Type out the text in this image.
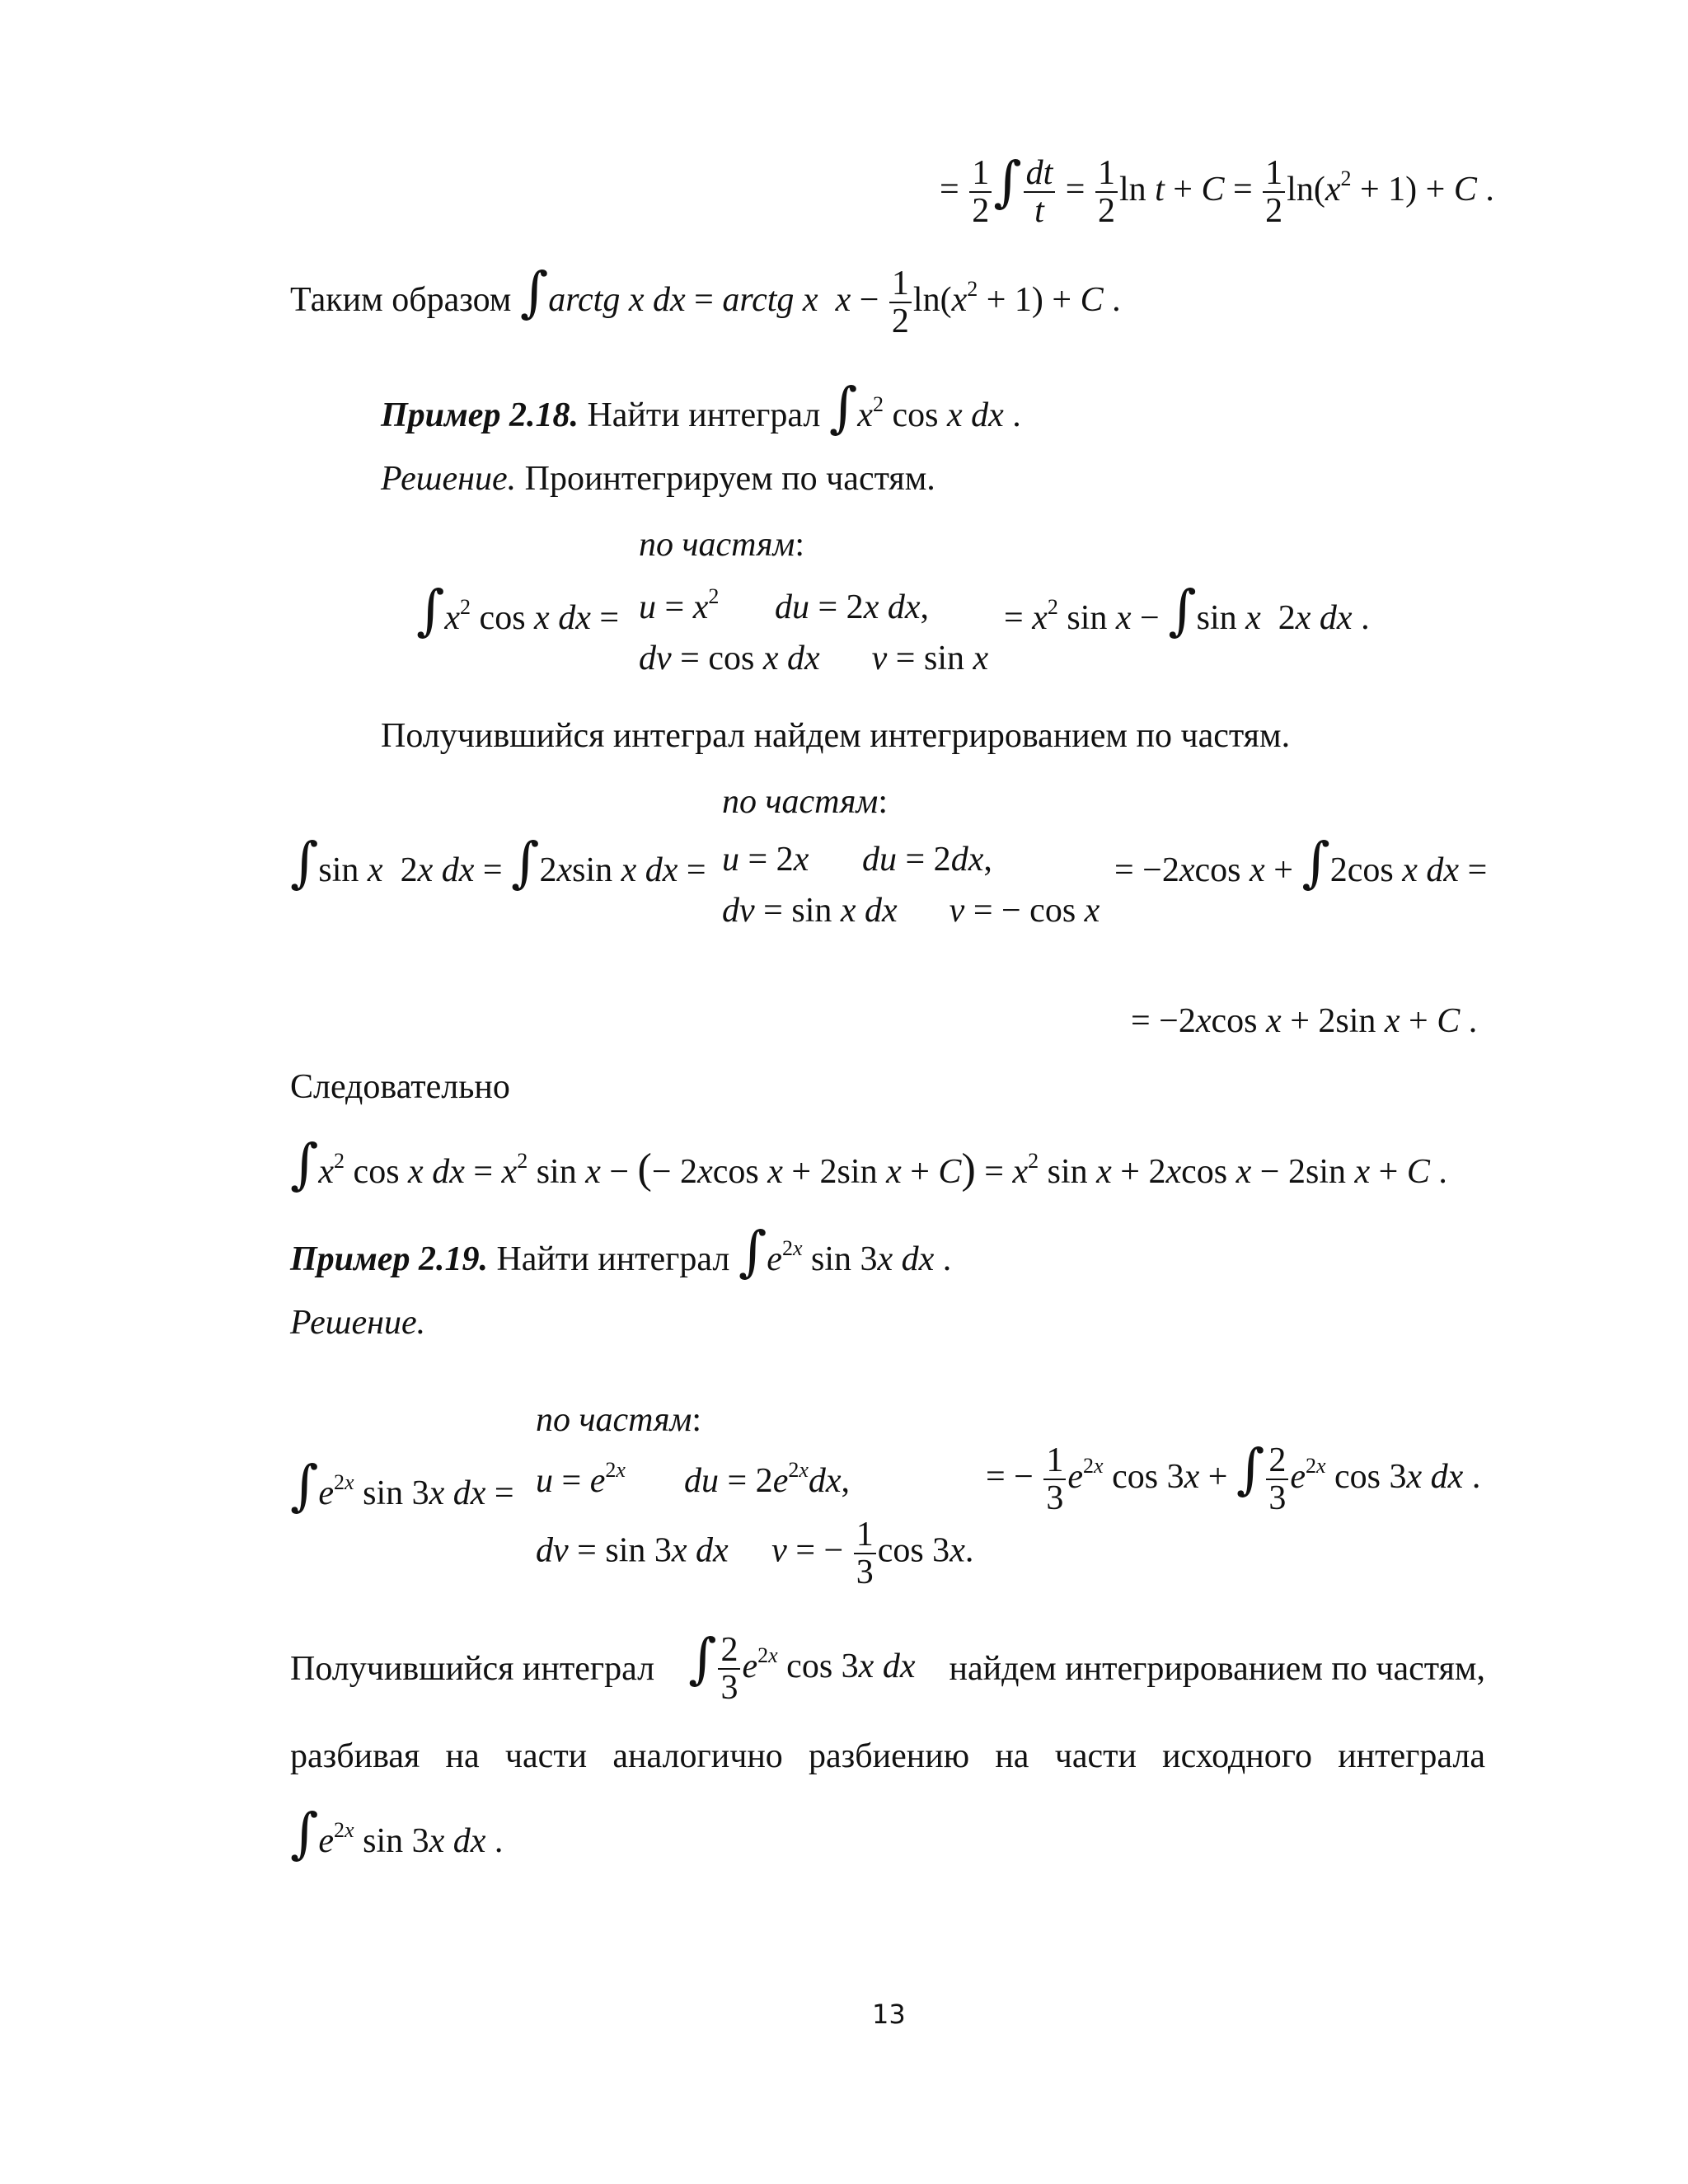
= $\frac{1}{2}$ ∫ $\frac{dt}{t} = \frac{1}{2}$ $\ln t + C = \frac{1}{2} \ln(x^2 + 1) + C$ .
Таким образом ∫arctg x dx = arctg x $x - \frac{1}{2} \ln(x^2 + 1) + C$ .
Пример 2.18. Найти интеграл $\int x^2$ cos x dx .
Решение. Проинтегрируем по частям.
по частям:
$\int x^2$ cos x dx = $u = x^2$ du = 2x dx, = $x^2$ sin x − ∫sin x  2x dx .
dv = cos x dx v = sin x
Получившийся интеграл найдем интегрированием по частям.
по частям:
∫sin x  2x dx = ∫2xsin x dx = u = 2x du = 2dx,	= −2xcos x + ∫2cos x dx =
dv = sin x dx v = − cos x
= −2xcos x + 2sin x + C .
Следовательно
$\int x^2$ cos x dx = $x^2$ sin x − (− 2xcos x + 2sin $x + C) = x^2$ sin x + 2xcos x − 2sin x + C .
Пример 2.19. Найти интеграл $\int e^{2x}$ sin 3x dx .
Решение.
по частям:
$\int e^{2x}$ sin 3x dx = $u = e^{2x}$ du = $2e^{2x}dx$,	= − $\frac{1}{3} e^{2x}$ cos 3x + ∫ $\frac{2}{3} e^{2x}$ cos 3x dx .
dv = sin 3x dx v = − $\frac{1}{3}$ cos 3x.
Получившийся интеграл ∫ $\frac{2}{3} e^{2x}$ cos 3x dx найдем интегрированием по частям,
разбивая на части аналогично разбиению на части исходного интеграла
$\int e^{2x}$ sin 3x dx .
13
